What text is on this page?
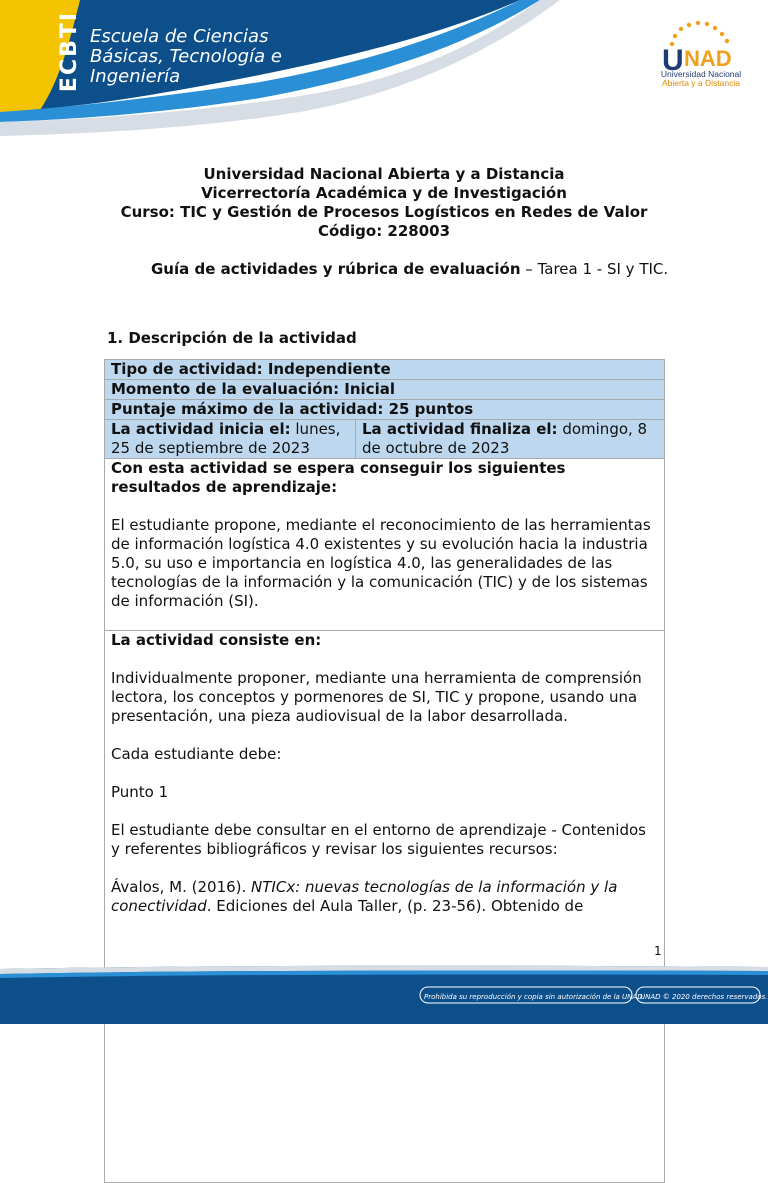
ECBTI Escuela de Ciencias
Básicas, Tecnología e
Ingeniería	U NAD
Universidad Nacional
Abierta y a Distancia
Universidad Nacional Abierta y a Distancia
Vicerrectoría Académica y de Investigación
Curso: TIC y Gestión de Procesos Logísticos en Redes de Valor
Código: 228003
Guía de actividades y rúbrica de evaluación – Tarea 1 - SI y TIC.
1. Descripción de la actividad
Tipo de actividad: Independiente
Momento de la evaluación: Inicial
Puntaje máximo de la actividad: 25 puntos
La actividad inicia el: lunes, 25 de septiembre de 2023	La actividad finaliza el: domingo, 8 de octubre de 2023

Con esta actividad se espera conseguir los siguientes resultados de aprendizaje:
El estudiante propone, mediante el reconocimiento de las herramientas de información logística 4.0 existentes y su evolución hacia la industria 5.0, su uso e importancia en logística 4.0, las generalidades de las tecnologías de la información y la comunicación (TIC) y de los sistemas de información (SI).

La actividad consiste en:

Individualmente proponer, mediante una herramienta de comprensión lectora, los conceptos y pormenores de SI, TIC y propone, usando una presentación, una pieza audiovisual de la labor desarrollada.

Cada estudiante debe:

Punto 1

El estudiante debe consultar en el entorno de aprendizaje - Contenidos y referentes bibliográficos y revisar los siguientes recursos:

Ávalos, M. (2016). NTICx: nuevas tecnologías de la información y la conectividad. Ediciones del Aula Taller, (p. 23-56). Obtenido de

1
Prohibida su reproducción y copia sin autorización de la UNAD.
UNAD © 2020 derechos reservados.
